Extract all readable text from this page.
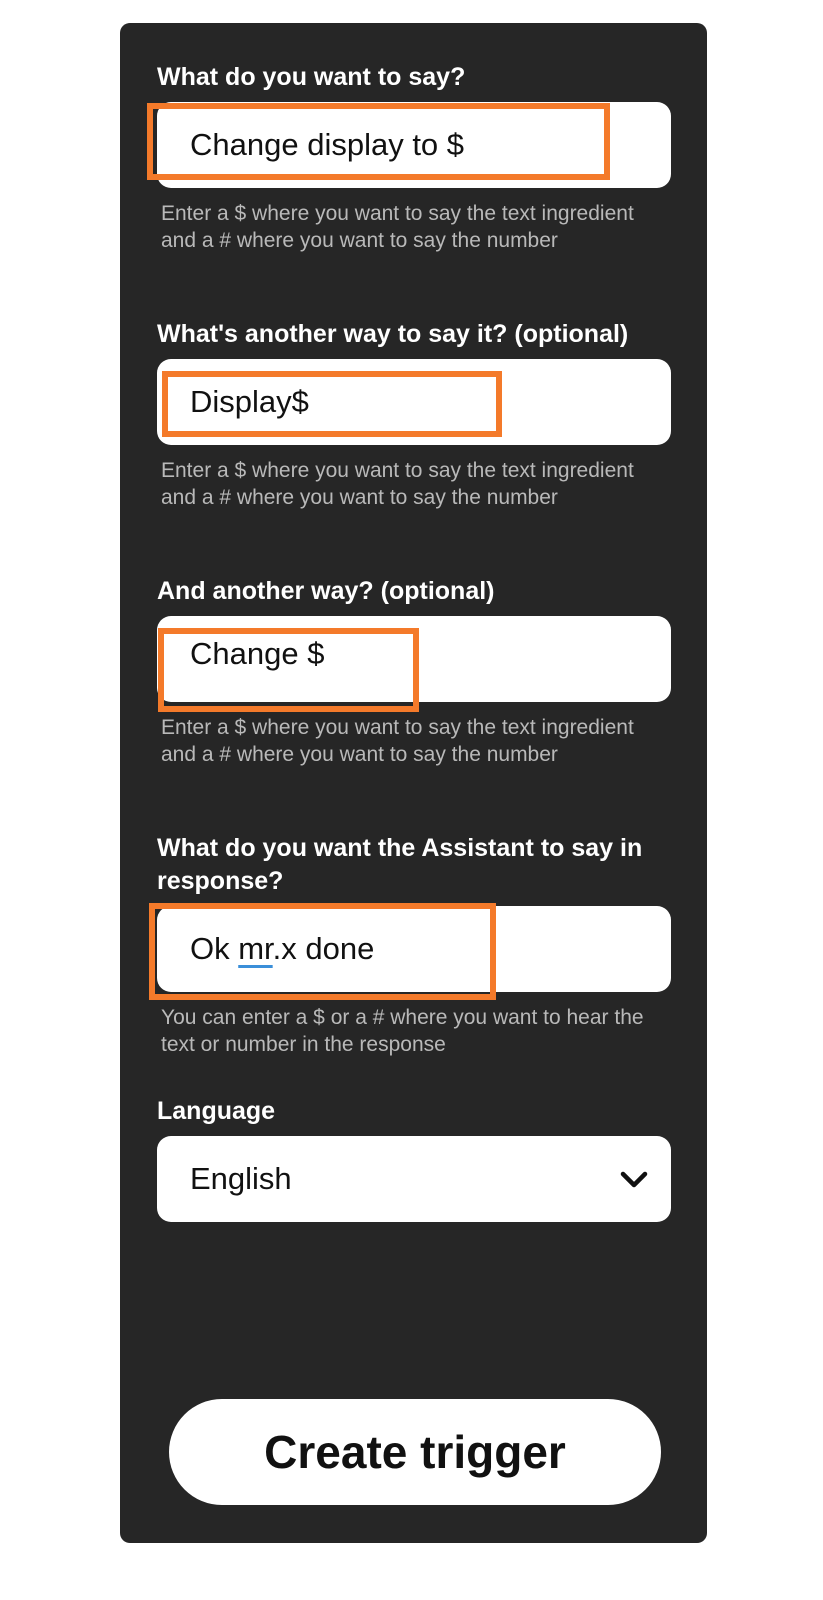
What do you want to say?
Change display to $
Enter a $ where you want to say the text ingredient and a # where you want to say the number
What's another way to say it? (optional)
Display$
Enter a $ where you want to say the text ingredient and a # where you want to say the number
And another way? (optional)
Change $
Enter a $ where you want to say the text ingredient and a # where you want to say the number
What do you want the Assistant to say in response?
Ok mr.x done
You can enter a $ or a # where you want to hear the text or number in the response
Language
English
Create trigger
